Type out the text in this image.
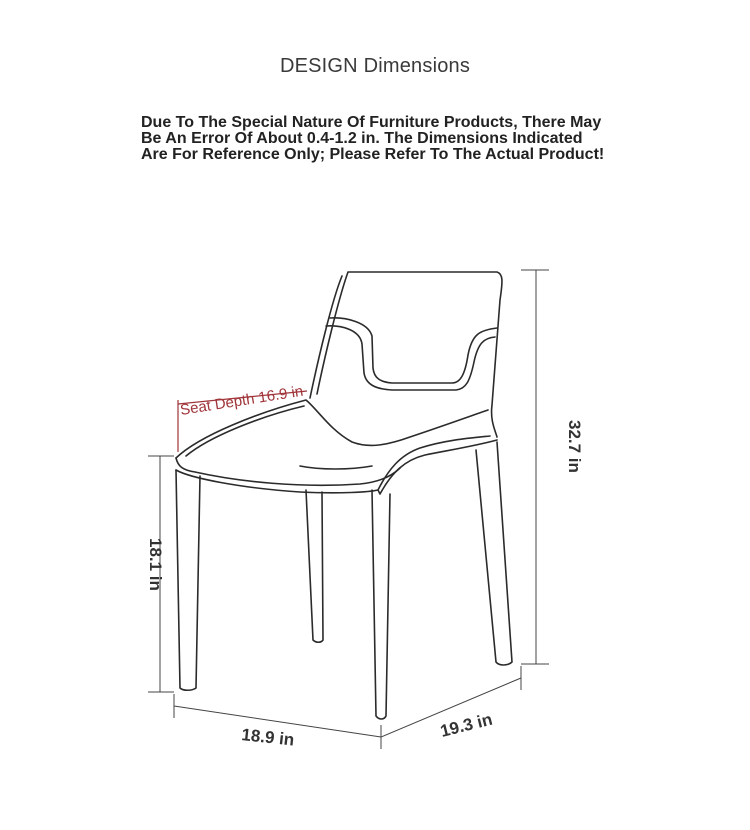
DESIGN Dimensions
Due To The Special Nature Of Furniture Products, There May
Be An Error Of About 0.4-1.2 in. The Dimensions Indicated
Are For Reference Only; Please Refer To The Actual Product!
Seat Depth 16.9 in
32.7 in
18.1 in
18.9 in	19.3 in
